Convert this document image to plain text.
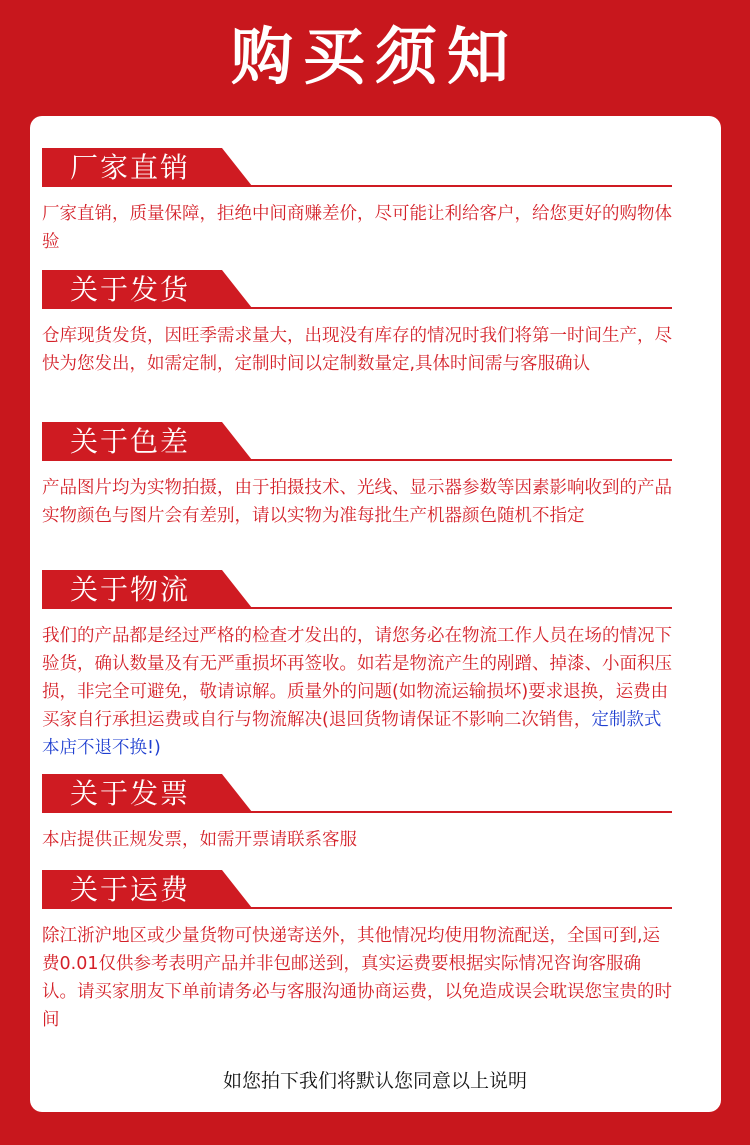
购买须知
厂家直销
厂家直销，质量保障，拒绝中间商赚差价，尽可能让利给客户，给您更好的购物体验
关于发货
仓库现货发货，因旺季需求量大，出现没有库存的情况时我们将第一时间生产，尽快为您发出，如需定制，定制时间以定制数量定,具体时间需与客服确认
关于色差
产品图片均为实物拍摄，由于拍摄技术、光线、显示器参数等因素影响收到的产品实物颜色与图片会有差别，请以实物为准每批生产机器颜色随机不指定
关于物流
我们的产品都是经过严格的检查才发出的，请您务必在物流工作人员在场的情况下验货，确认数量及有无严重损坏再签收。如若是物流产生的剐蹭、掉漆、小面积压损，非完全可避免，敬请谅解。质量外的问题(如物流运输损坏)要求退换，运费由买家自行承担运费或自行与物流解决(退回货物请保证不影响二次销售，定制款式本店不退不换!)
关于发票
本店提供正规发票，如需开票请联系客服
关于运费
除江浙沪地区或少量货物可快递寄送外，其他情况均使用物流配送，全国可到,运费0.01仅供参考表明产品并非包邮送到，真实运费要根据实际情况咨询客服确认。请买家朋友下单前请务必与客服沟通协商运费，以免造成误会耽误您宝贵的时间
如您拍下我们将默认您同意以上说明
